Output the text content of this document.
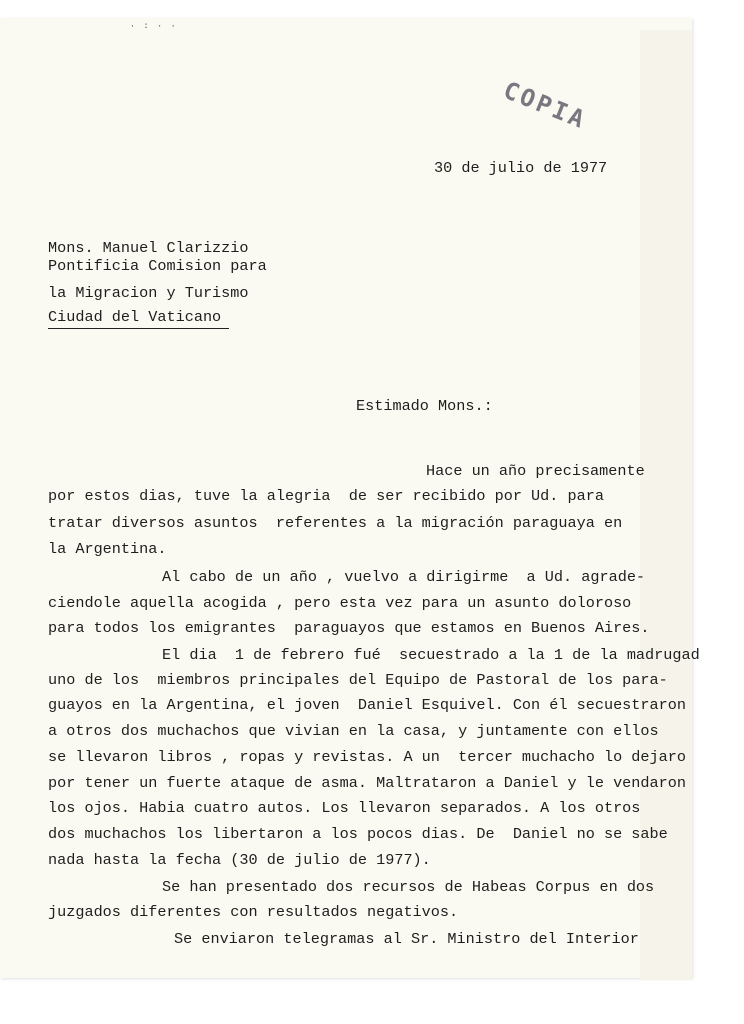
· : · ·
COPIA
30 de julio de 1977
Mons. Manuel Clarizzio
Pontificia Comision para
la Migracion y Turismo
Ciudad del Vaticano
Estimado Mons.:
Hace un año precisamente
por estos dias, tuve la alegria  de ser recibido por Ud. para
tratar diversos asuntos  referentes a la migración paraguaya en
la Argentina.
Al cabo de un año , vuelvo a dirigirme  a Ud. agrade-
ciendole aquella acogida , pero esta vez para un asunto doloroso
para todos los emigrantes  paraguayos que estamos en Buenos Aires.
El dia  1 de febrero fué  secuestrado a la 1 de la madrugad
uno de los  miembros principales del Equipo de Pastoral de los para-
guayos en la Argentina, el joven  Daniel Esquivel. Con él secuestraron
a otros dos muchachos que vivian en la casa, y juntamente con ellos
se llevaron libros , ropas y revistas. A un  tercer muchacho lo dejaro
por tener un fuerte ataque de asma. Maltrataron a Daniel y le vendaron
los ojos. Habia cuatro autos. Los llevaron separados. A los otros
dos muchachos los libertaron a los pocos dias. De  Daniel no se sabe
nada hasta la fecha (30 de julio de 1977).
Se han presentado dos recursos de Habeas Corpus en dos
juzgados diferentes con resultados negativos.
Se enviaron telegramas al Sr. Ministro del Interior
